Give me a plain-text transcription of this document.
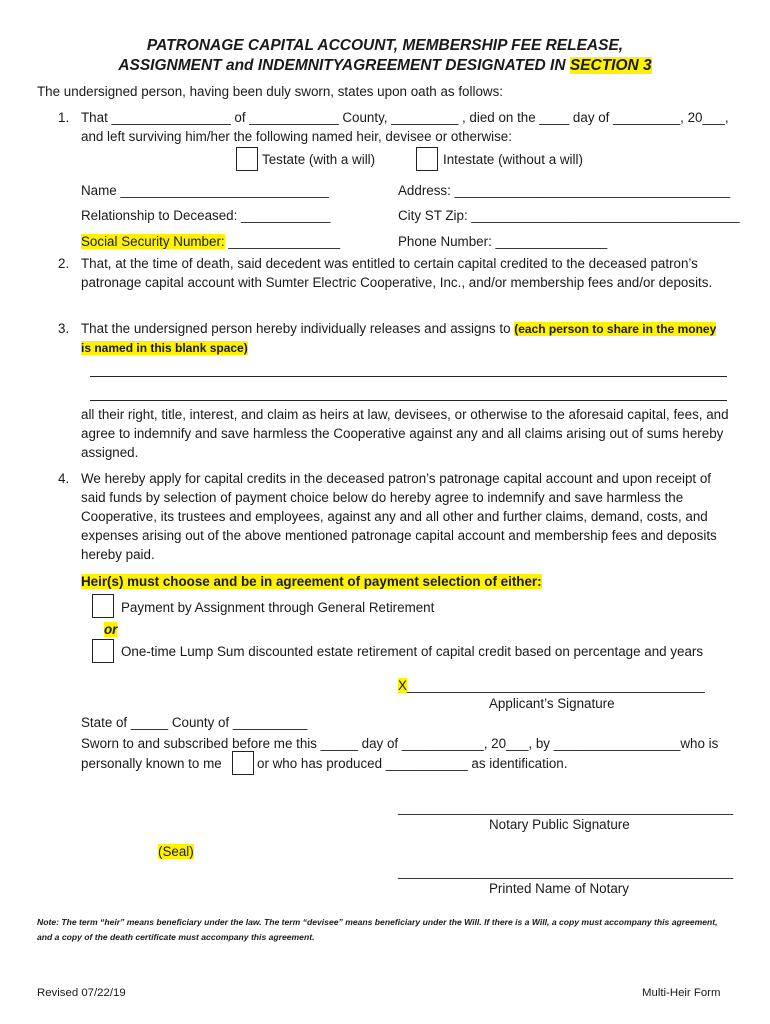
PATRONAGE CAPITAL ACCOUNT, MEMBERSHIP FEE RELEASE,
ASSIGNMENT and INDEMNITYAGREEMENT DESIGNATED IN SECTION 3
The undersigned person, having been duly sworn, states upon oath as follows:
1. That ________________ of ____________ County, _________ , died on the ____ day of _________, 20___,
and left surviving him/her the following named heir, devisee or otherwise:
Testate (with a will)	Intestate (without a will)
Name ____________________________	Address: _____________________________________
Relationship to Deceased: ____________	City ST Zip: ____________________________________
Social Security Number: _______________	Phone Number: _______________
2. That, at the time of death, said decedent was entitled to certain capital credited to the deceased patron’s patronage capital account with Sumter Electric Cooperative, Inc., and/or membership fees and/or deposits.
3. That the undersigned person hereby individually releases and assigns to (each person to share in the money
is named in this blank space)
all their right, title, interest, and claim as heirs at law, devisees, or otherwise to the aforesaid capital, fees, and agree to indemnify and save harmless the Cooperative against any and all claims arising out of sums hereby assigned.
4. We hereby apply for capital credits in the deceased patron’s patronage capital account and upon receipt of said funds by selection of payment choice below do hereby agree to indemnify and save harmless the Cooperative, its trustees and employees, against any and all other and further claims, demand, costs, and expenses arising out of the above mentioned patronage capital account and membership fees and deposits hereby paid.
Heir(s) must choose and be in agreement of payment selection of either:
Payment by Assignment through General Retirement
or
One-time Lump Sum discounted estate retirement of capital credit based on percentage and years
X________________________________________
Applicant’s Signature
State of _____ County of __________
Sworn to and subscribed before me this _____ day of ___________, 20___, by _________________who is
personally known to me	or who has produced ___________ as identification.
_____________________________________________
Notary Public Signature
(Seal)
_____________________________________________
Printed Name of Notary
Note: The term “heir” means beneficiary under the law. The term “devisee” means beneficiary under the Will. If there is a Will, a copy must accompany this agreement, and a copy of the death certificate must accompany this agreement.
Revised 07/22/19	Multi-Heir Form
